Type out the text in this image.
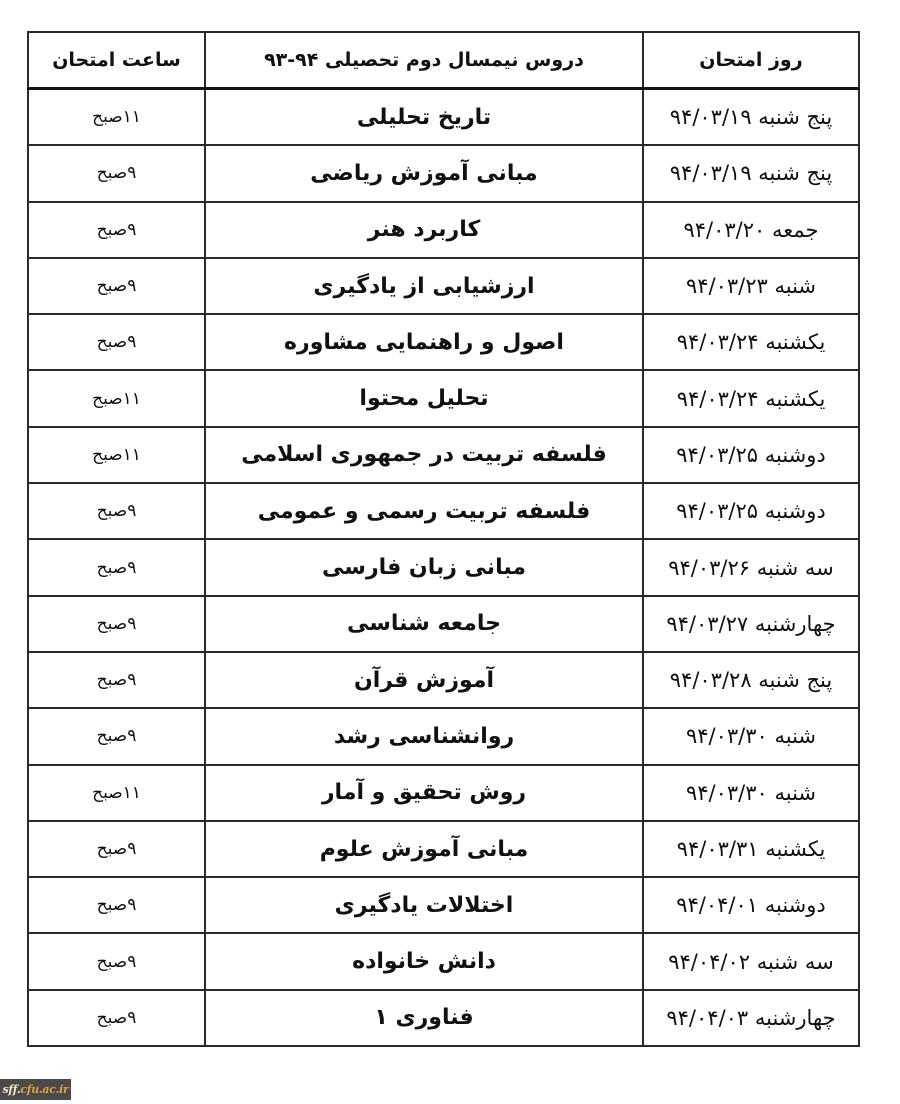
روز امتحان	دروس نیمسال دوم تحصیلی ۹۴-۹۳	ساعت امتحان
پنج شنبه ۹۴/۰۳/۱۹	تاریخ تحلیلی	۱۱صبح
پنج شنبه ۹۴/۰۳/۱۹	مبانی آموزش ریاضی	۹صبح
جمعه ۹۴/۰۳/۲۰	کاربرد هنر	۹صبح
شنبه ۹۴/۰۳/۲۳	ارزشیابی از یادگیری	۹صبح
یکشنبه ۹۴/۰۳/۲۴	اصول و راهنمایی مشاوره	۹صبح
یکشنبه ۹۴/۰۳/۲۴	تحلیل محتوا	۱۱صبح
دوشنبه ۹۴/۰۳/۲۵	فلسفه تربیت در جمهوری اسلامی	۱۱صبح
دوشنبه ۹۴/۰۳/۲۵	فلسفه تربیت رسمی و عمومی	۹صبح
سه شنبه ۹۴/۰۳/۲۶	مبانی زبان فارسی	۹صبح
چهارشنبه ۹۴/۰۳/۲۷	جامعه شناسی	۹صبح
پنج شنبه ۹۴/۰۳/۲۸	آموزش قرآن	۹صبح
شنبه ۹۴/۰۳/۳۰	روانشناسی رشد	۹صبح
شنبه ۹۴/۰۳/۳۰	روش تحقیق و آمار	۱۱صبح
یکشنبه ۹۴/۰۳/۳۱	مبانی آموزش علوم	۹صبح
دوشنبه ۹۴/۰۴/۰۱	اختلالات یادگیری	۹صبح
سه شنبه ۹۴/۰۴/۰۲	دانش خانواده	۹صبح
چهارشنبه ۹۴/۰۴/۰۳	فناوری ۱	۹صبح
sff.cfu.ac.ir
